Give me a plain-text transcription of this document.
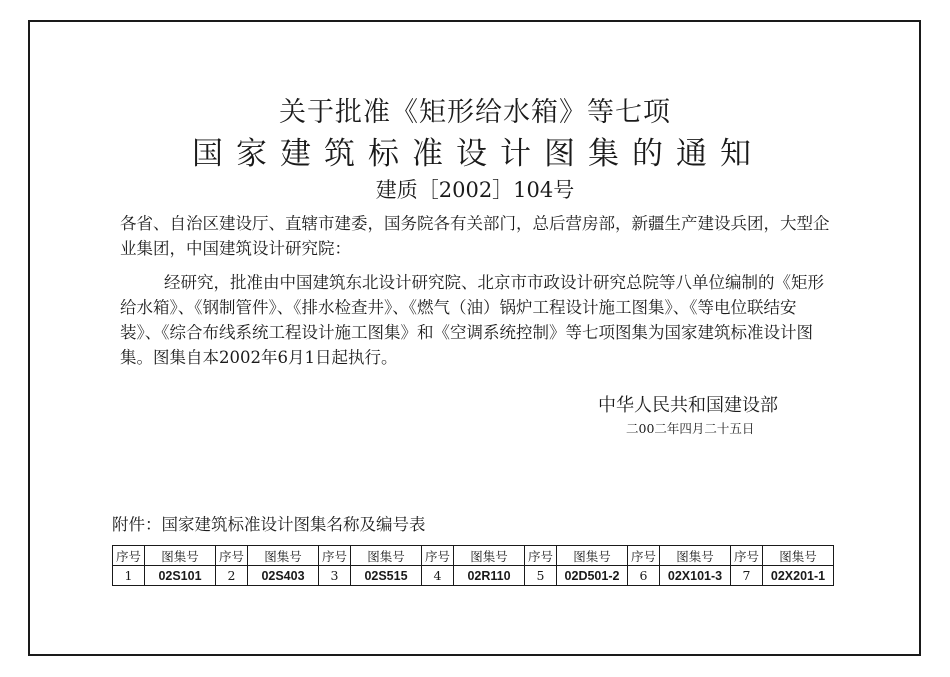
关于批准《矩形给水箱》等七项
国家建筑标准设计图集的通知
建质［2002］104号
各省、自治区建设厅、直辖市建委，国务院各有关部门，总后营房部，新疆生产建设兵团，大型企业集团，中国建筑设计研究院：
经研究，批准由中国建筑东北设计研究院、北京市市政设计研究总院等八单位编制的《矩形给水箱》、《钢制管件》、《排水检查井》、《燃气（油）锅炉工程设计施工图集》、《等电位联结安装》、《综合布线系统工程设计施工图集》和《空调系统控制》等七项图集为国家建筑标准设计图集。图集自本2002年6月1日起执行。
中华人民共和国建设部
二00二年四月二十五日
附件：国家建筑标准设计图集名称及编号表
序号	图集号	序号	图集号	序号	图集号	序号	图集号	序号	图集号	序号	图集号	序号	图集号
1	02S101	2	02S403	3	02S515	4	02R110	5	02D501-2	6	02X101-3	7	02X201-1
